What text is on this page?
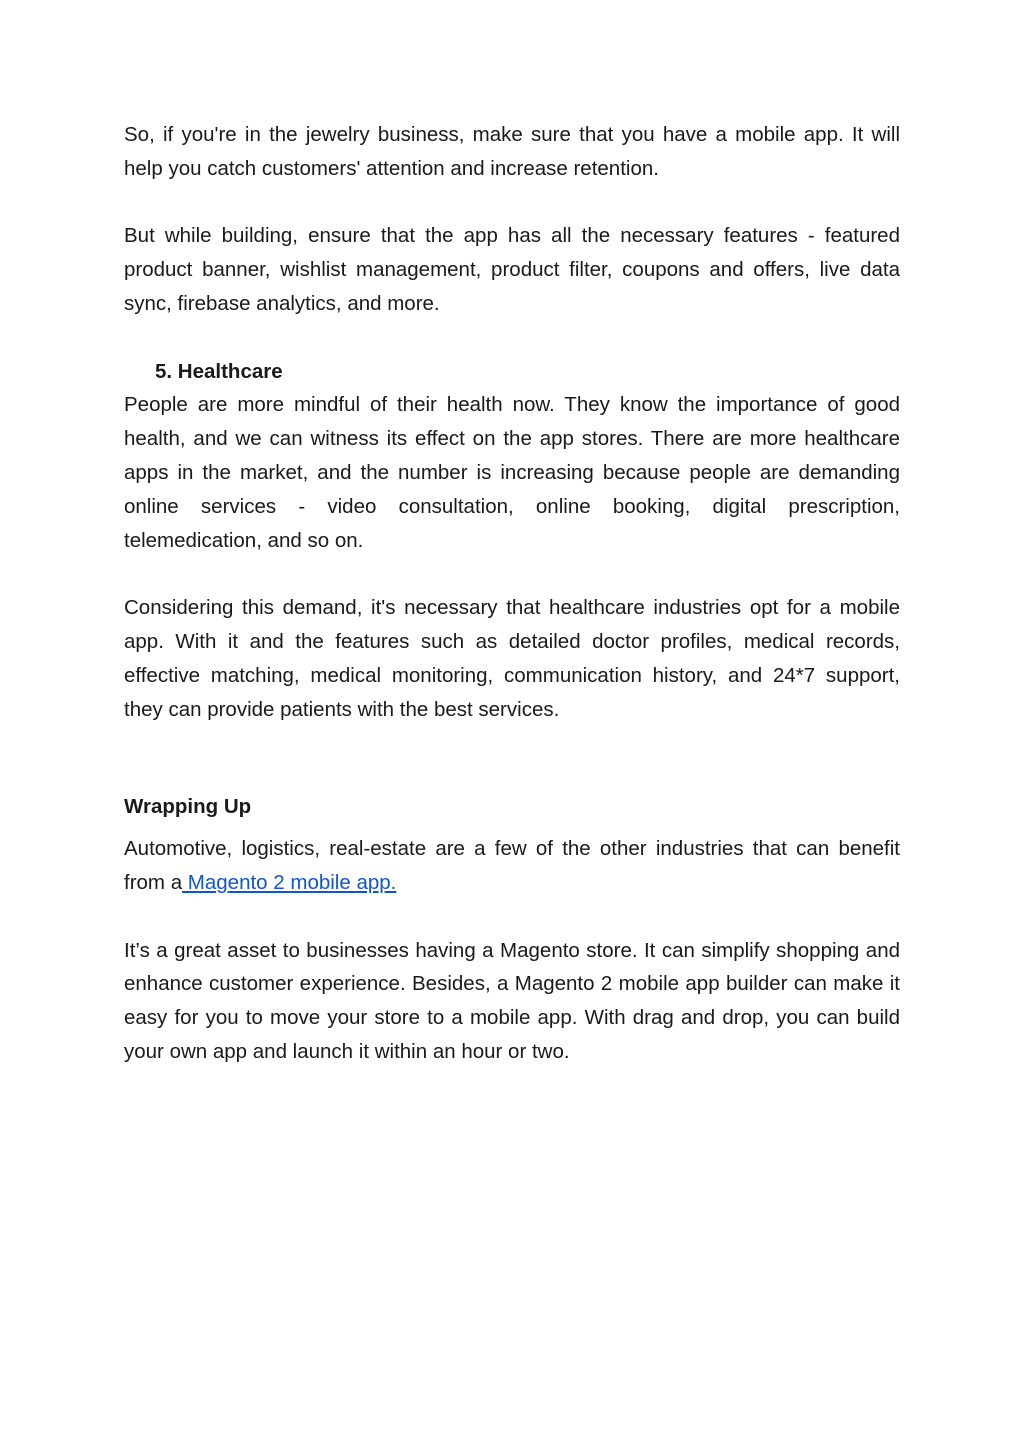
So, if you're in the jewelry business, make sure that you have a mobile app. It will help you catch customers' attention and increase retention.

But while building, ensure that the app has all the necessary features - featured product banner, wishlist management, product filter, coupons and offers, live data sync, firebase analytics, and more.

5. Healthcare

People are more mindful of their health now. They know the importance of good health, and we can witness its effect on the app stores. There are more healthcare apps in the market, and the number is increasing because people are demanding online services - video consultation, online booking, digital prescription, telemedication, and so on.

Considering this demand, it's necessary that healthcare industries opt for a mobile app. With it and the features such as detailed doctor profiles, medical records, effective matching, medical monitoring, communication history, and 24*7 support, they can provide patients with the best services.

Wrapping Up

Automotive, logistics, real-estate are a few of the other industries that can benefit from a Magento 2 mobile app.

It’s a great asset to businesses having a Magento store. It can simplify shopping and enhance customer experience. Besides, a Magento 2 mobile app builder can make it easy for you to move your store to a mobile app. With drag and drop, you can build your own app and launch it within an hour or two.
